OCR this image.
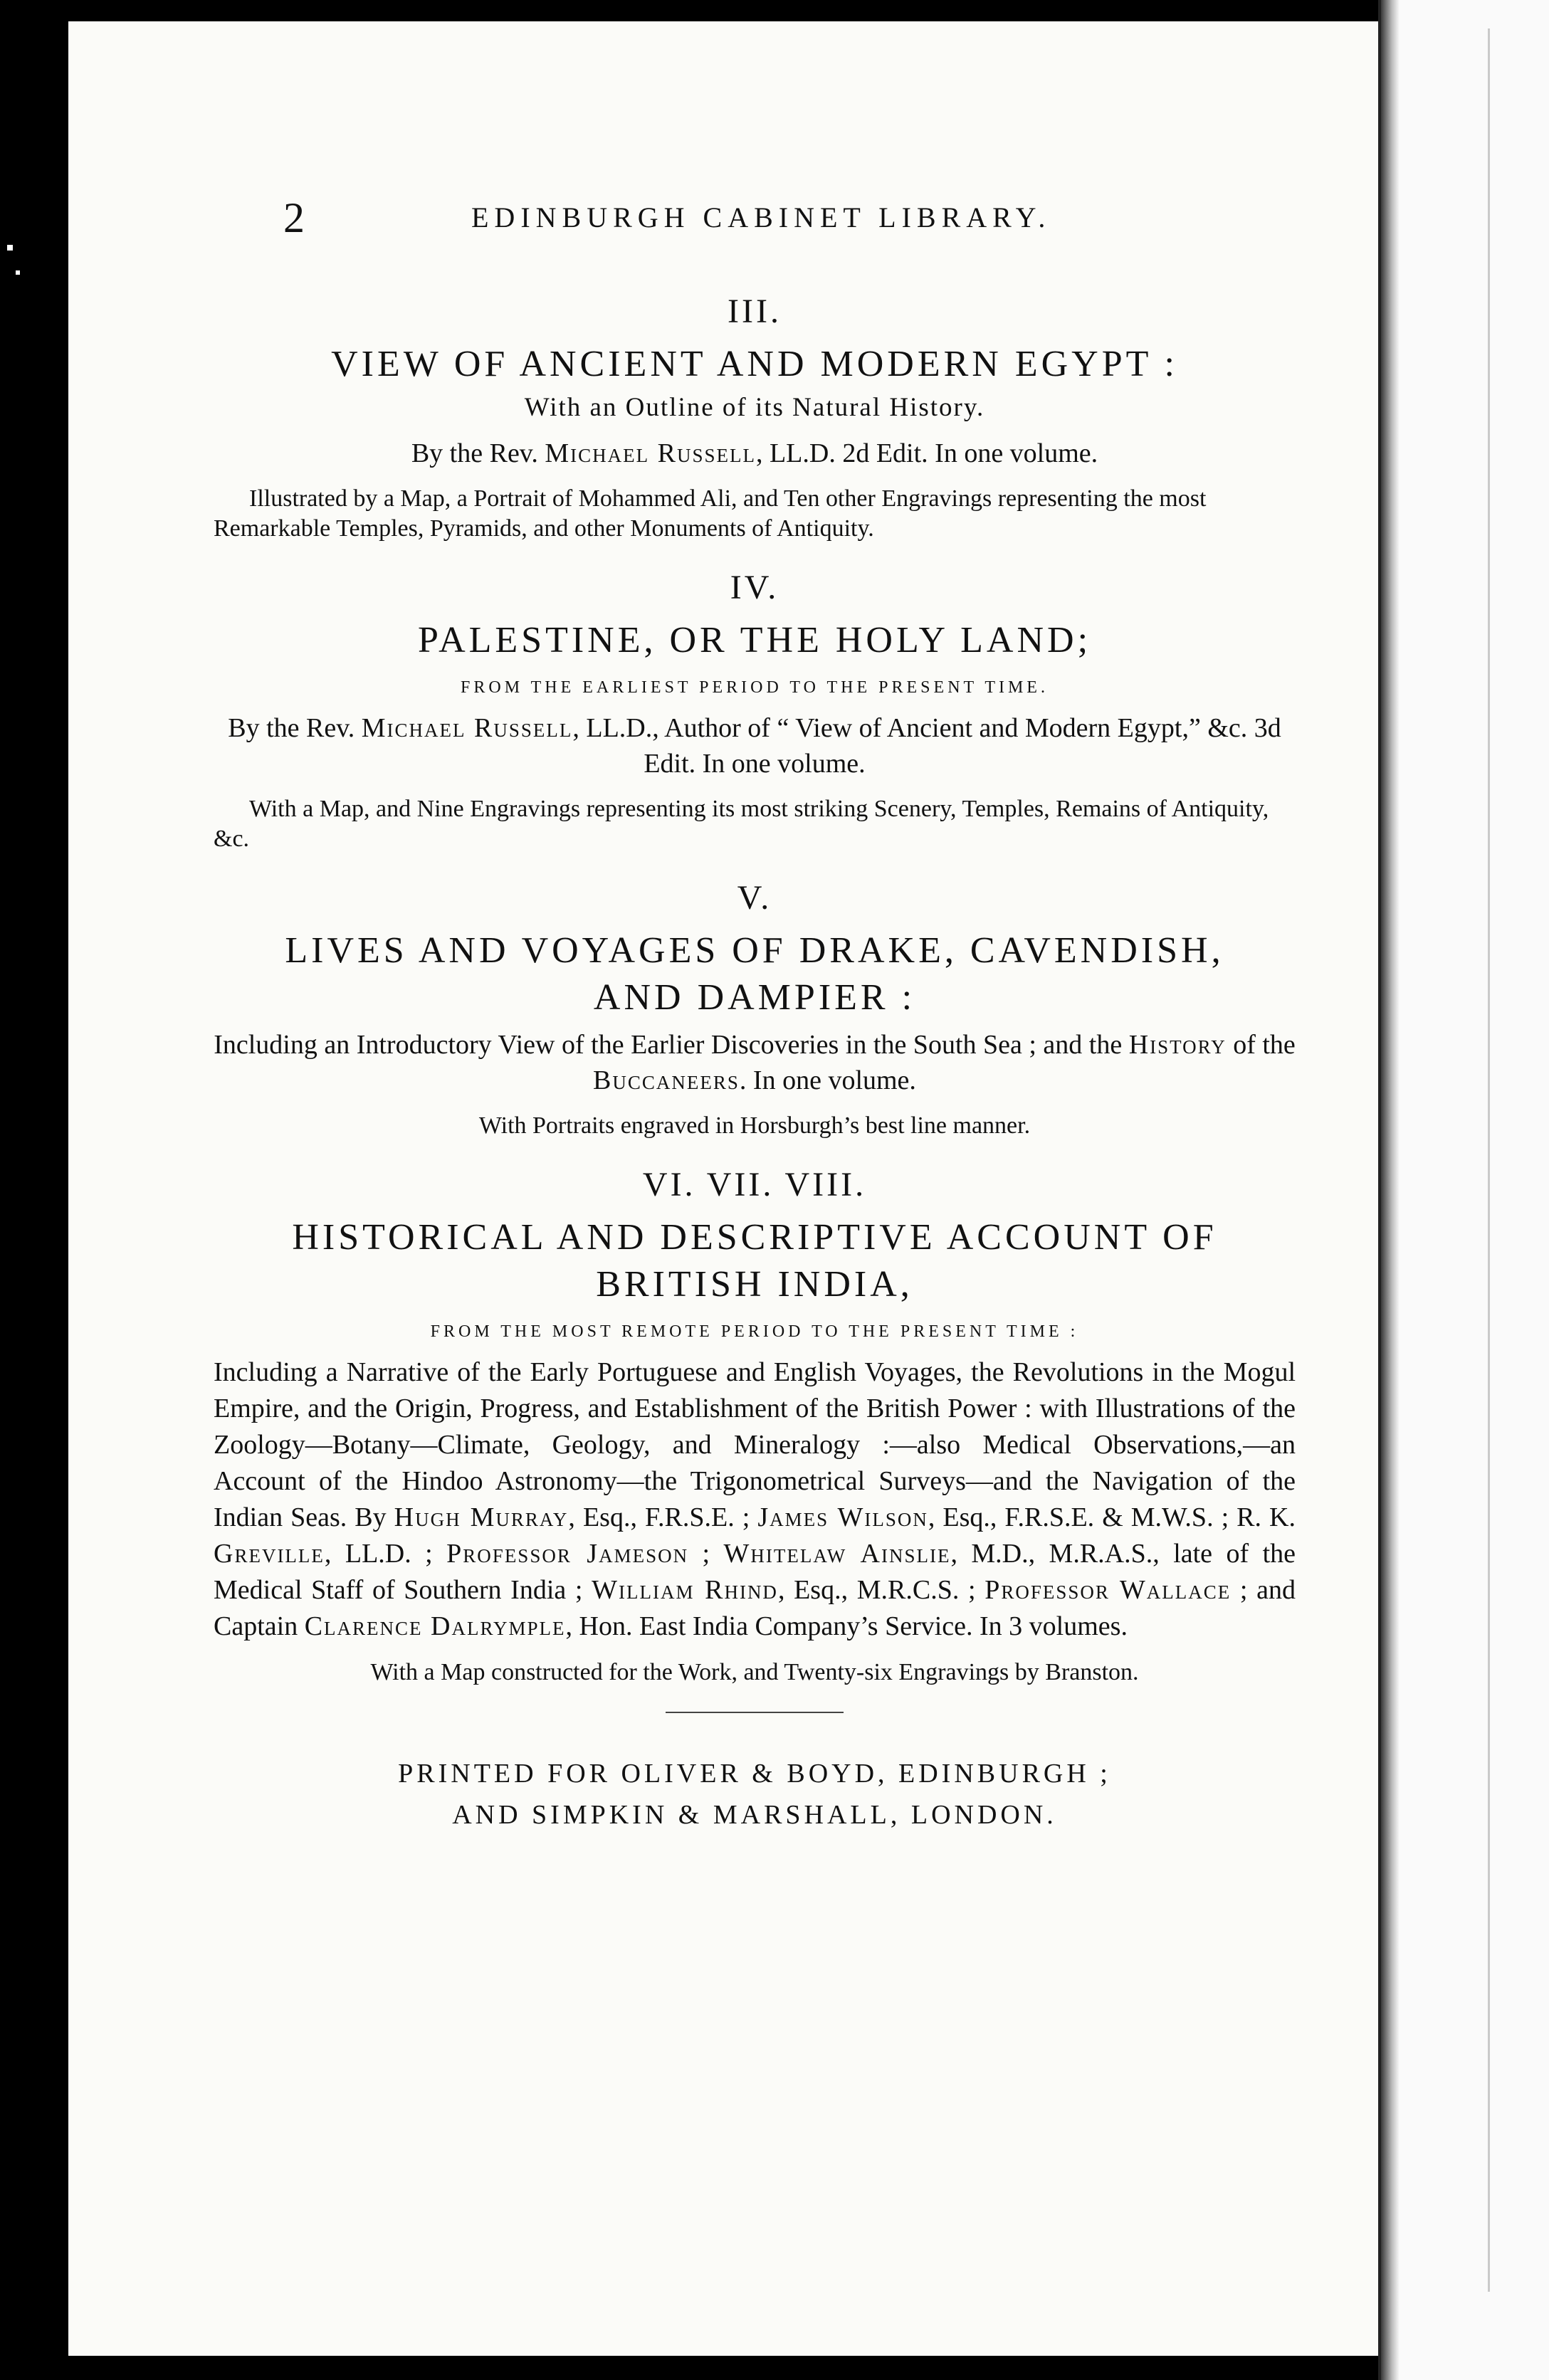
2	EDINBURGH CABINET LIBRARY.

III.

VIEW OF ANCIENT AND MODERN EGYPT :

With an Outline of its Natural History.

By the Rev. Michael Russell, LL.D. 2d Edit. In one volume.

Illustrated by a Map, a Portrait of Mohammed Ali, and Ten other Engravings representing the most Remarkable Temples, Pyramids, and other Monuments of Antiquity.

IV.

PALESTINE, OR THE HOLY LAND;

FROM THE EARLIEST PERIOD TO THE PRESENT TIME.

By the Rev. Michael Russell, LL.D., Author of “ View of Ancient and Modern Egypt,” &c. 3d Edit. In one volume.

With a Map, and Nine Engravings representing its most striking Scenery, Temples, Remains of Antiquity, &c.

V.

LIVES AND VOYAGES OF DRAKE, CAVENDISH,
AND DAMPIER :

Including an Introductory View of the Earlier Discoveries in the South Sea ; and the History of the Buccaneers. In one volume.

With Portraits engraved in Horsburgh’s best line manner.

VI. VII. VIII.

HISTORICAL AND DESCRIPTIVE ACCOUNT OF
BRITISH INDIA,

FROM THE MOST REMOTE PERIOD TO THE PRESENT TIME :

Including a Narrative of the Early Portuguese and English Voyages, the Revolutions in the Mogul Empire, and the Origin, Progress, and Establishment of the British Power : with Illustrations of the Zoology—Botany—Climate, Geology, and Mineralogy :—also Medical Observations,—an Account of the Hindoo Astronomy—the Trigonometrical Surveys—and the Navigation of the Indian Seas. By Hugh Murray, Esq., F.R.S.E. ; James Wilson, Esq., F.R.S.E. & M.W.S. ; R. K. Greville, LL.D. ; Professor Jameson ; Whitelaw Ainslie, M.D., M.R.A.S., late of the Medical Staff of Southern India ; William Rhind, Esq., M.R.C.S. ; Professor Wallace ; and Captain Clarence Dalrymple, Hon. East India Company’s Service. In 3 volumes.

With a Map constructed for the Work, and Twenty-six Engravings by Branston.

PRINTED FOR OLIVER & BOYD, EDINBURGH ;

AND SIMPKIN & MARSHALL, LONDON.
